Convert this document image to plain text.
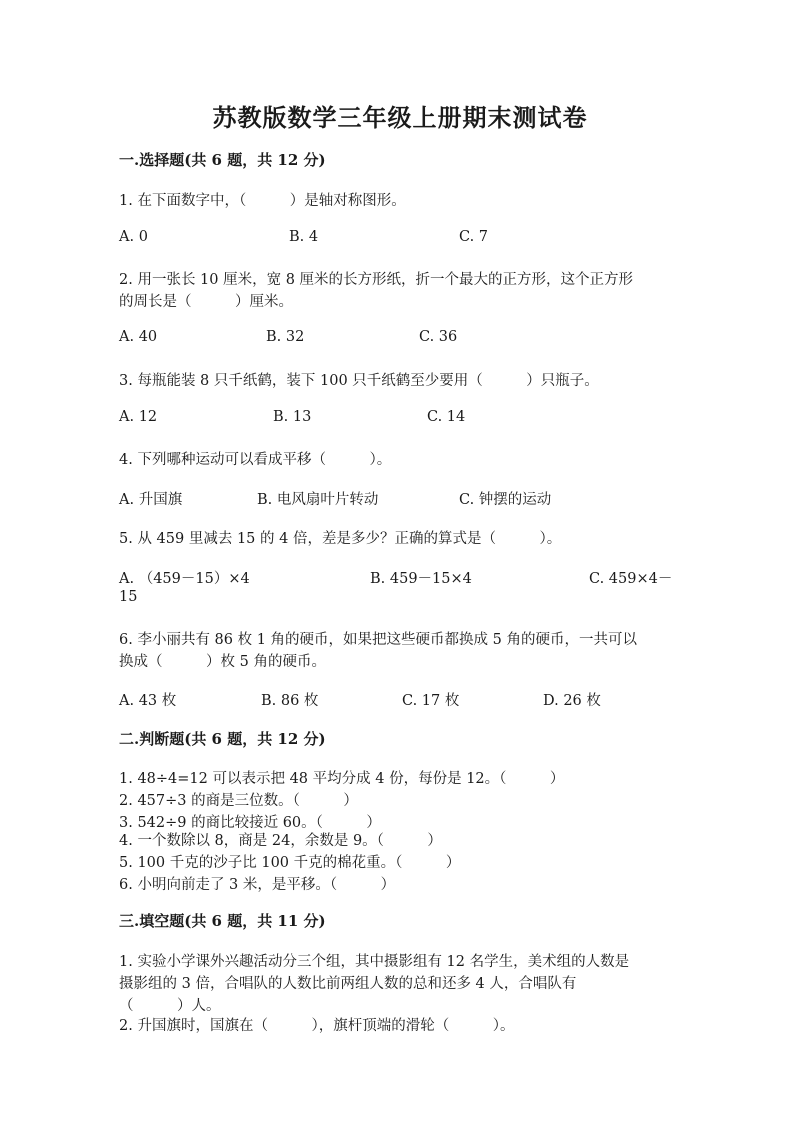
苏教版数学三年级上册期末测试卷
一.选择题(共 6 题，共 12 分)
1. 在下面数字中，（　　　）是轴对称图形。
A. 0	B. 4	C. 7
2. 用一张长 10 厘米，宽 8 厘米的长方形纸，折一个最大的正方形，这个正方形
的周长是（　　　）厘米。
A. 40	B. 32	C. 36
3. 每瓶能装 8 只千纸鹤，装下 100 只千纸鹤至少要用（　　　）只瓶子。
A. 12	B. 13	C. 14
4. 下列哪种运动可以看成平移（　　　）。
A. 升国旗	B. 电风扇叶片转动	C. 钟摆的运动
5. 从 459 里减去 15 的 4 倍，差是多少？正确的算式是（　　　）。
A. （459－15）×4	B. 459－15×4	C. 459×4－
15
6. 李小丽共有 86 枚 1 角的硬币，如果把这些硬币都换成 5 角的硬币，一共可以
换成（　　　）枚 5 角的硬币。
A. 43 枚	B. 86 枚	C. 17 枚	D. 26 枚
二.判断题(共 6 题，共 12 分)
1. 48÷4=12 可以表示把 48 平均分成 4 份，每份是 12。（　　　）
2. 457÷3 的商是三位数。（　　　）
3. 542÷9 的商比较接近 60。（　　　）
4. 一个数除以 8，商是 24，余数是 9。（　　　）
5. 100 千克的沙子比 100 千克的棉花重。（　　　）
6. 小明向前走了 3 米，是平移。（　　　）
三.填空题(共 6 题，共 11 分)
1. 实验小学课外兴趣活动分三个组，其中摄影组有 12 名学生，美术组的人数是
摄影组的 3 倍，合唱队的人数比前两组人数的总和还多 4 人，合唱队有
（　　　）人。
2. 升国旗时，国旗在（　　　），旗杆顶端的滑轮（　　　）。
